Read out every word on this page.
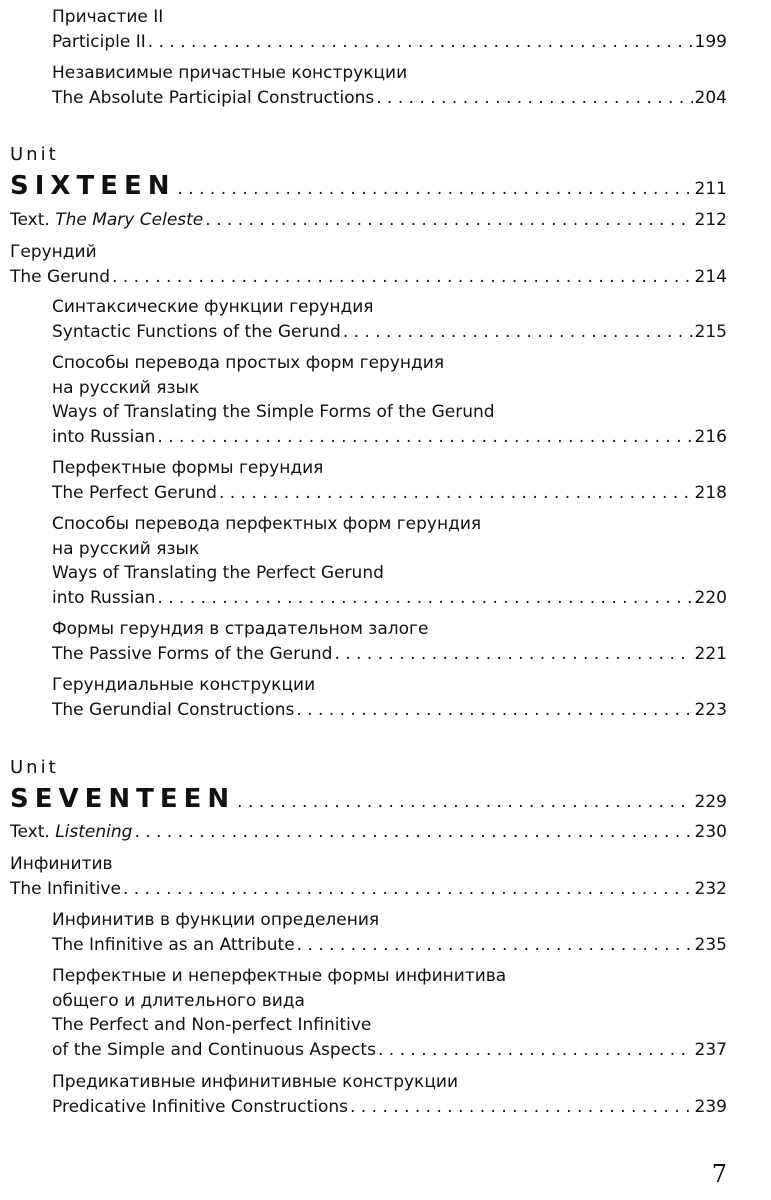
Причастие II
Participle II . . .	199
Независимые причастные конструкции
The Absolute Participial Constructions . . .	204
Unit
SIXTEEN . . .	211
Text. The Mary Celeste . . .	212
Герундий
The Gerund . . .	214
Синтаксические функции герундия
Syntactic Functions of the Gerund . . .	215
Способы перевода простых форм герундия
на русский язык
Ways of Translating the Simple Forms of the Gerund
into Russian . . .	216
Перфектные формы герундия
The Perfect Gerund . . .	218
Способы перевода перфектных форм герундия
на русский язык
Ways of Translating the Perfect Gerund
into Russian . . .	220
Формы герундия в страдательном залоге
The Passive Forms of the Gerund . . .	221
Герундиальные конструкции
The Gerundial Constructions . . .	223
Unit
SEVENTEEN . . .	229
Text. Listening . . .	230
Инфинитив
The Infinitive . . .	232
Инфинитив в функции определения
The Infinitive as an Attribute . . .	235
Перфектные и неперфектные формы инфинитива
общего и длительного вида
The Perfect and Non-perfect Infinitive
of the Simple and Continuous Aspects . . .	237
Предикативные инфинитивные конструкции
Predicative Infinitive Constructions . . .	239
7
